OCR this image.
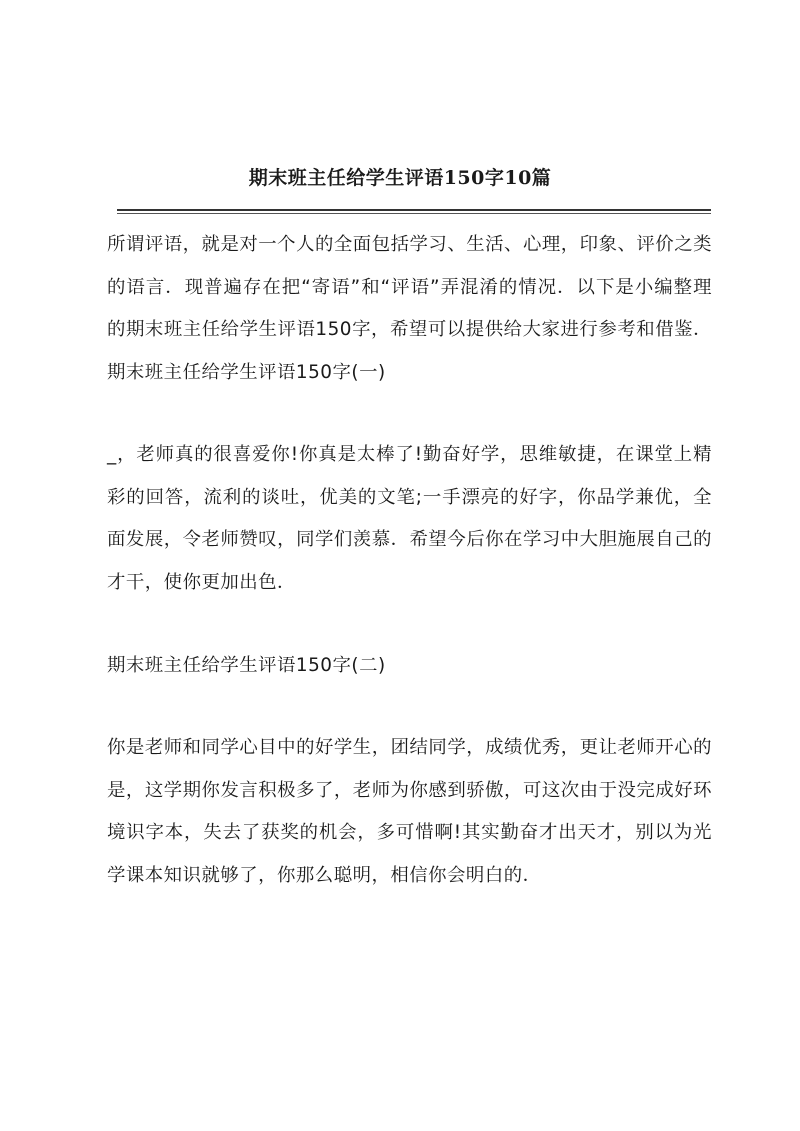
期末班主任给学生评语150字10篇

所谓评语，就是对一个人的全面包括学习、生活、心理，印象、评价之类的语言．现普遍存在把“寄语”和“评语”弄混淆的情况．以下是小编整理的期末班主任给学生评语150字，希望可以提供给大家进行参考和借鉴．期末班主任给学生评语150字(一)

_，老师真的很喜爱你!你真是太棒了!勤奋好学，思维敏捷，在课堂上精彩的回答，流利的谈吐，优美的文笔;一手漂亮的好字，你品学兼优，全面发展，令老师赞叹，同学们羡慕．希望今后你在学习中大胆施展自己的才干，使你更加出色．

期末班主任给学生评语150字(二)

你是老师和同学心目中的好学生，团结同学，成绩优秀，更让老师开心的是，这学期你发言积极多了，老师为你感到骄傲，可这次由于没完成好环境识字本，失去了获奖的机会，多可惜啊!其实勤奋才出天才，别以为光学课本知识就够了，你那么聪明，相信你会明白的．
